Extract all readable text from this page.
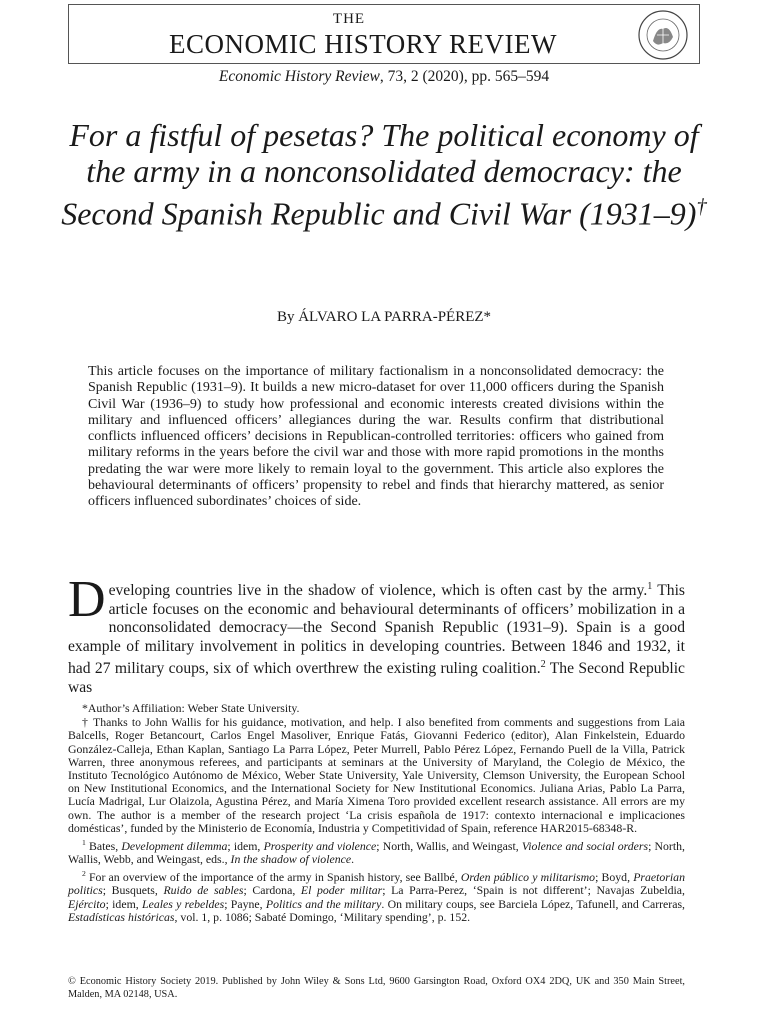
THE
ECONOMIC HISTORY REVIEW
Economic History Review, 73, 2 (2020), pp. 565–594
For a fistful of pesetas? The political economy of the army in a nonconsolidated democracy: the Second Spanish Republic and Civil War (1931–9)†
By ÁLVARO LA PARRA-PÉREZ*

This article focuses on the importance of military factionalism in a nonconsolidated democracy: the Spanish Republic (1931–9). It builds a new micro-dataset for over 11,000 officers during the Spanish Civil War (1936–9) to study how professional and economic interests created divisions within the military and influenced officers’ allegiances during the war. Results confirm that distributional conflicts influenced officers’ decisions in Republican-controlled territories: officers who gained from military reforms in the years before the civil war and those with more rapid promotions in the months predating the war were more likely to remain loyal to the government. This article also explores the behavioural determinants of officers’ propensity to rebel and finds that hierarchy mattered, as senior officers influenced subordinates’ choices of side.

Developing countries live in the shadow of violence, which is often cast by the army.$^1$ This article focuses on the economic and behavioural determinants of officers’ mobilization in a nonconsolidated democracy—the Second Spanish Republic (1931–9). Spain is a good example of military involvement in politics in developing countries. Between 1846 and 1932, it had 27 military coups, six of which overthrew the existing ruling coalition.$^2$ The Second Republic was

*Author’s Affiliation: Weber State University.

† Thanks to John Wallis for his guidance, motivation, and help. I also benefited from comments and suggestions from Laia Balcells, Roger Betancourt, Carlos Engel Masoliver, Enrique Fatás, Giovanni Federico (editor), Alan Finkelstein, Eduardo González-Calleja, Ethan Kaplan, Santiago La Parra López, Peter Murrell, Pablo Pérez López, Fernando Puell de la Villa, Patrick Warren, three anonymous referees, and participants at seminars at the University of Maryland, the Colegio de México, the Instituto Tecnológico Autónomo de México, Weber State University, Yale University, Clemson University, the European School on New Institutional Economics, and the International Society for New Institutional Economics. Juliana Arias, Pablo La Parra, Lucía Madrigal, Lur Olaizola, Agustina Pérez, and María Ximena Toro provided excellent research assistance. All errors are my own. The author is a member of the research project ‘La crisis española de 1917: contexto internacional e implicaciones domésticas’, funded by the Ministerio de Economía, Industria y Competitividad of Spain, reference HAR2015-68348-R.

$^1$ Bates, Development dilemma; idem, Prosperity and violence; North, Wallis, and Weingast, Violence and social orders; North, Wallis, Webb, and Weingast, eds., In the shadow of violence.

$^2$ For an overview of the importance of the army in Spanish history, see Ballbé, Orden público y militarismo; Boyd, Praetorian politics; Busquets, Ruido de sables; Cardona, El poder militar; La Parra-Perez, ‘Spain is not different’; Navajas Zubeldia, Ejército; idem, Leales y rebeldes; Payne, Politics and the military. On military coups, see Barciela López, Tafunell, and Carreras, Estadísticas históricas, vol. 1, p. 1086; Sabaté Domingo, ‘Military spending’, p. 152.

© Economic History Society 2019. Published by John Wiley & Sons Ltd, 9600 Garsington Road, Oxford OX4 2DQ, UK and 350 Main Street, Malden, MA 02148, USA.
